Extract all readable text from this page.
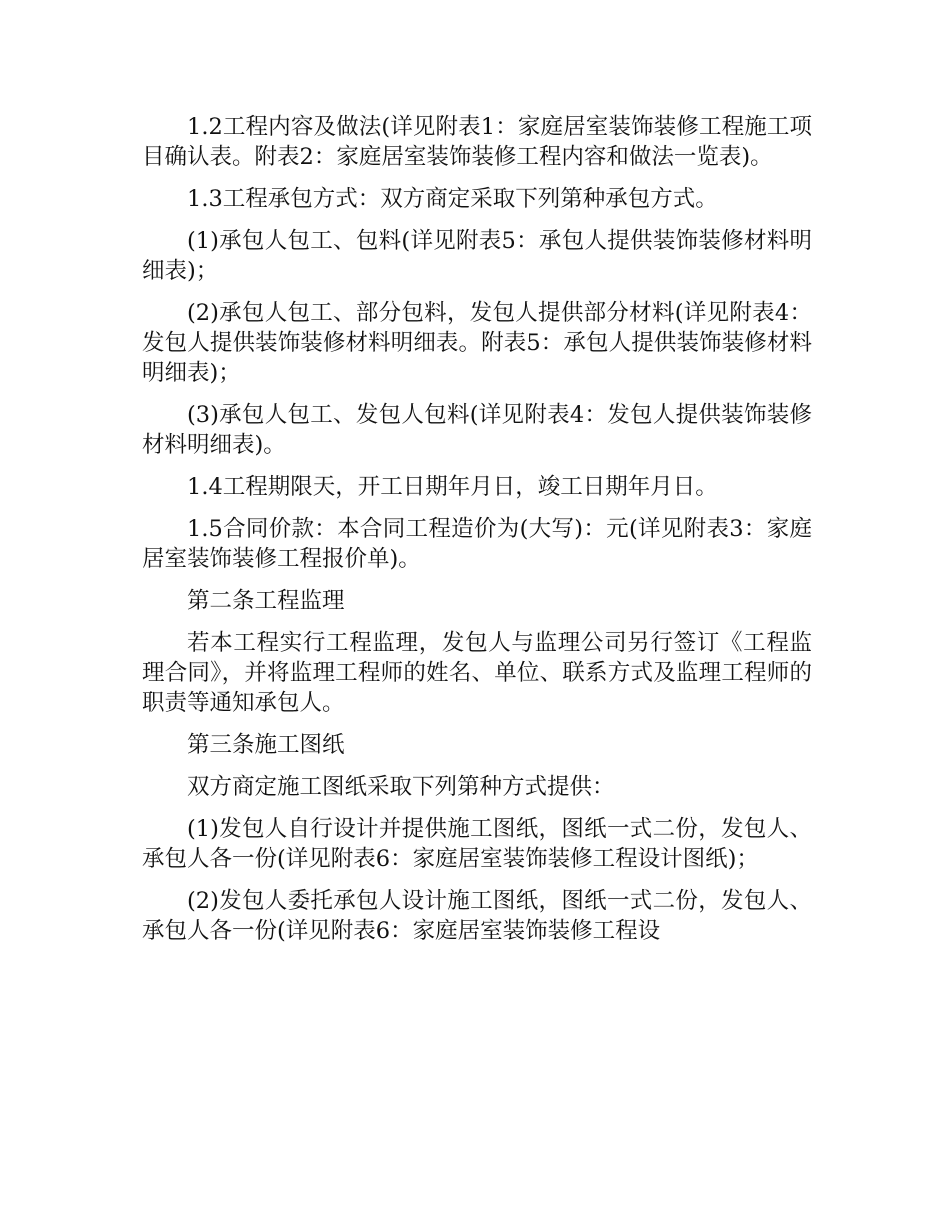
1.2工程内容及做法(详见附表1：家庭居室装饰装修工程施工项目确认表。附表2：家庭居室装饰装修工程内容和做法一览表)。

1.3工程承包方式：双方商定采取下列第种承包方式。

(1)承包人包工、包料(详见附表5：承包人提供装饰装修材料明细表)；

(2)承包人包工、部分包料，发包人提供部分材料(详见附表4：发包人提供装饰装修材料明细表。附表5：承包人提供装饰装修材料明细表)；

(3)承包人包工、发包人包料(详见附表4：发包人提供装饰装修材料明细表)。

1.4工程期限天，开工日期年月日，竣工日期年月日。

1.5合同价款：本合同工程造价为(大写)：元(详见附表3：家庭居室装饰装修工程报价单)。

第二条工程监理

若本工程实行工程监理，发包人与监理公司另行签订《工程监理合同》，并将监理工程师的姓名、单位、联系方式及监理工程师的职责等通知承包人。

第三条施工图纸

双方商定施工图纸采取下列第种方式提供：

(1)发包人自行设计并提供施工图纸，图纸一式二份，发包人、承包人各一份(详见附表6：家庭居室装饰装修工程设计图纸)；

(2)发包人委托承包人设计施工图纸，图纸一式二份，发包人、承包人各一份(详见附表6：家庭居室装饰装修工程设
